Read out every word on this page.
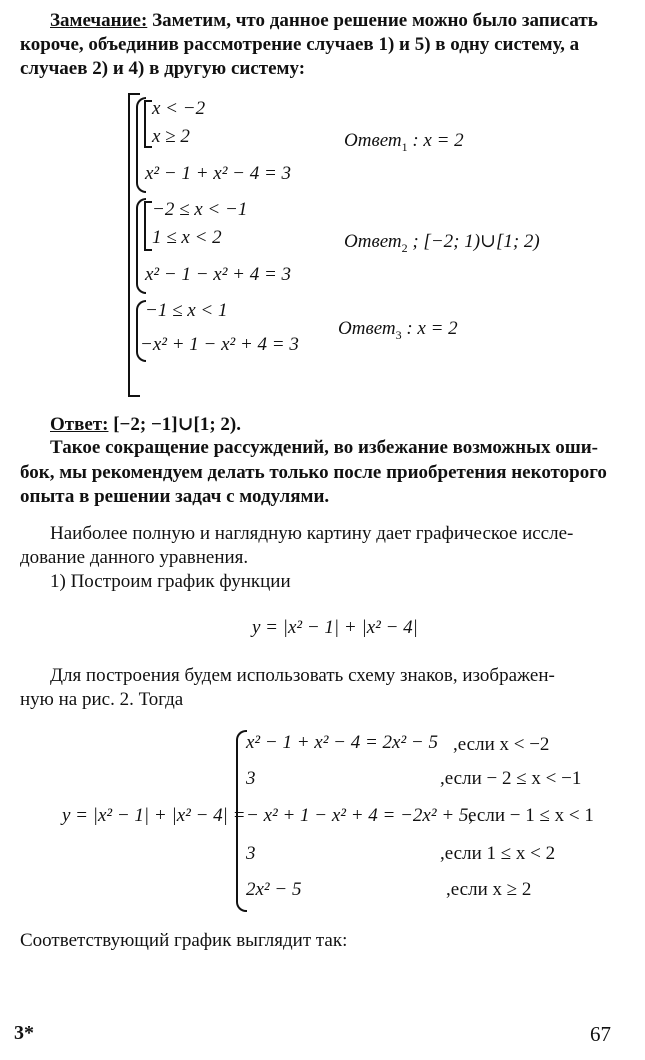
Замечание: Заметим, что данное решение можно было записать
короче, объединив рассмотрение случаев 1) и 5) в одну систему, а
случаев 2) и 4) в другую систему:
x < −2
x ≥ 2
x² − 1 + x² − 4 = 3
Ответ$_1$ : x = 2
−2 ≤ x < −1
1 ≤ x < 2
x² − 1 − x² + 4 = 3
Ответ$_2$ ; [−2; 1)∪[1; 2)
−1 ≤ x < 1
−x² + 1 − x² + 4 = 3
Ответ$_3$ : x = 2
Ответ: [−2; −1]∪[1; 2).
Такое сокращение рассуждений, во избежание возможных оши-
бок, мы рекомендуем делать только после приобретения некоторого
опыта в решении задач с модулями.
Наиболее полную и наглядную картину дает графическое иссле-
дование данного уравнения.
1) Построим график функции
y = |x² − 1| + |x² − 4|
Для построения будем использовать схему знаков, изображен-
ную на рис. 2. Тогда
y = |x² − 1| + |x² − 4| =
x² − 1 + x² − 4 = 2x² − 5 ,если x < −2
3	,если − 2 ≤ x < −1
− x² + 1 − x² + 4 = −2x² + 5,
если − 1 ≤ x < 1
3	,если 1 ≤ x < 2
2x² − 5	,если x ≥ 2
Соответствующий график выглядит так:
3*	67
